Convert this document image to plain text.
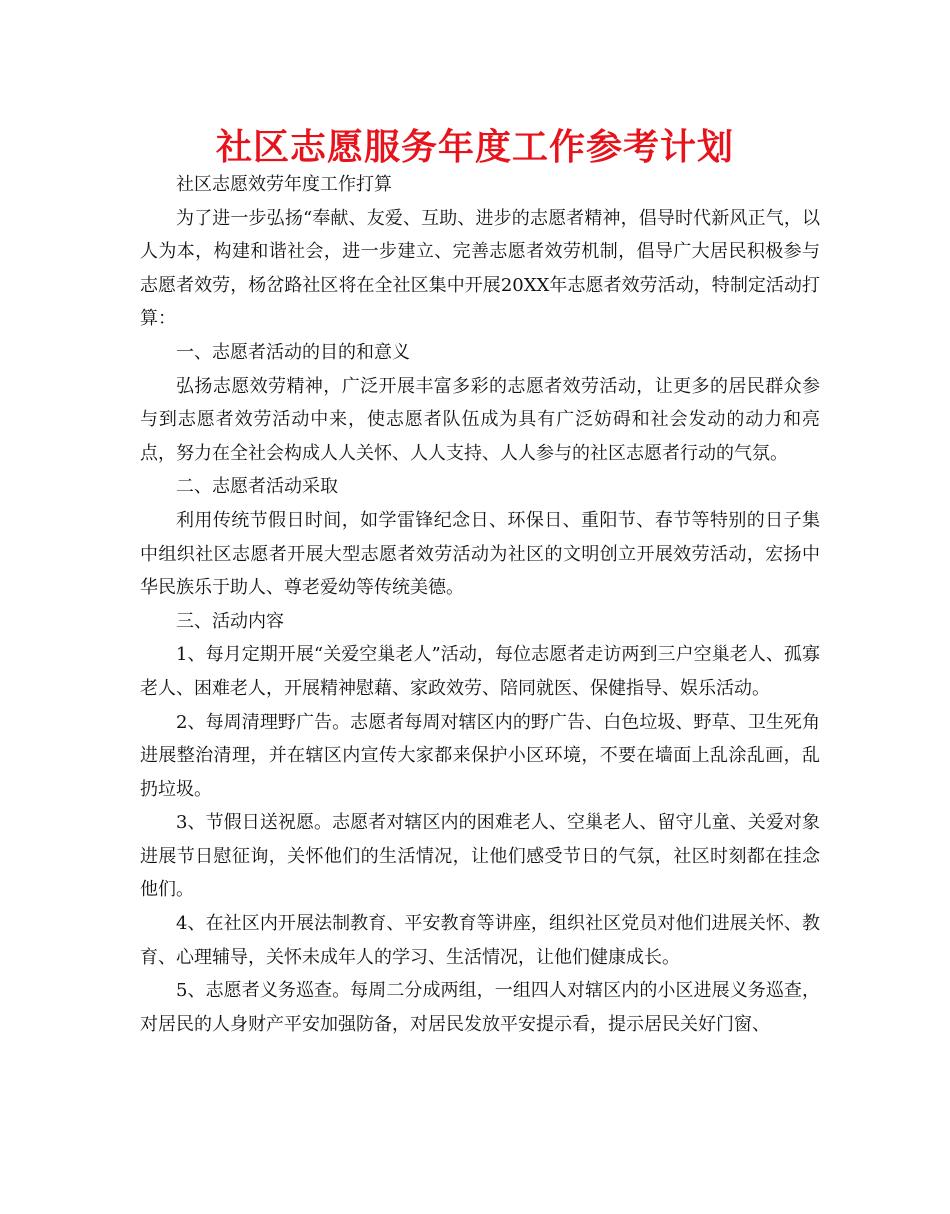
社区志愿服务年度工作参考计划

社区志愿效劳年度工作打算

为了进一步弘扬“奉献、友爱、互助、进步的志愿者精神，倡导时代新风正气，以人为本，构建和谐社会，进一步建立、完善志愿者效劳机制，倡导广大居民积极参与志愿者效劳，杨岔路社区将在全社区集中开展20XX年志愿者效劳活动，特制定活动打算：

一、志愿者活动的目的和意义

弘扬志愿效劳精神，广泛开展丰富多彩的志愿者效劳活动，让更多的居民群众参与到志愿者效劳活动中来，使志愿者队伍成为具有广泛妨碍和社会发动的动力和亮点，努力在全社会构成人人关怀、人人支持、人人参与的社区志愿者行动的气氛。

二、志愿者活动采取

利用传统节假日时间，如学雷锋纪念日、环保日、重阳节、春节等特别的日子集中组织社区志愿者开展大型志愿者效劳活动为社区的文明创立开展效劳活动，宏扬中华民族乐于助人、尊老爱幼等传统美德。

三、活动内容

1、每月定期开展“关爱空巢老人”活动，每位志愿者走访两到三户空巢老人、孤寡老人、困难老人，开展精神慰藉、家政效劳、陪同就医、保健指导、娱乐活动。

2、每周清理野广告。志愿者每周对辖区内的野广告、白色垃圾、野草、卫生死角进展整治清理，并在辖区内宣传大家都来保护小区环境，不要在墙面上乱涂乱画，乱扔垃圾。

3、节假日送祝愿。志愿者对辖区内的困难老人、空巢老人、留守儿童、关爱对象进展节日慰征询，关怀他们的生活情况，让他们感受节日的气氛，社区时刻都在挂念他们。

4、在社区内开展法制教育、平安教育等讲座，组织社区党员对他们进展关怀、教育、心理辅导，关怀未成年人的学习、生活情况，让他们健康成长。

5、志愿者义务巡查。每周二分成两组，一组四人对辖区内的小区进展义务巡查，对居民的人身财产平安加强防备，对居民发放平安提示看，提示居民关好门窗、
